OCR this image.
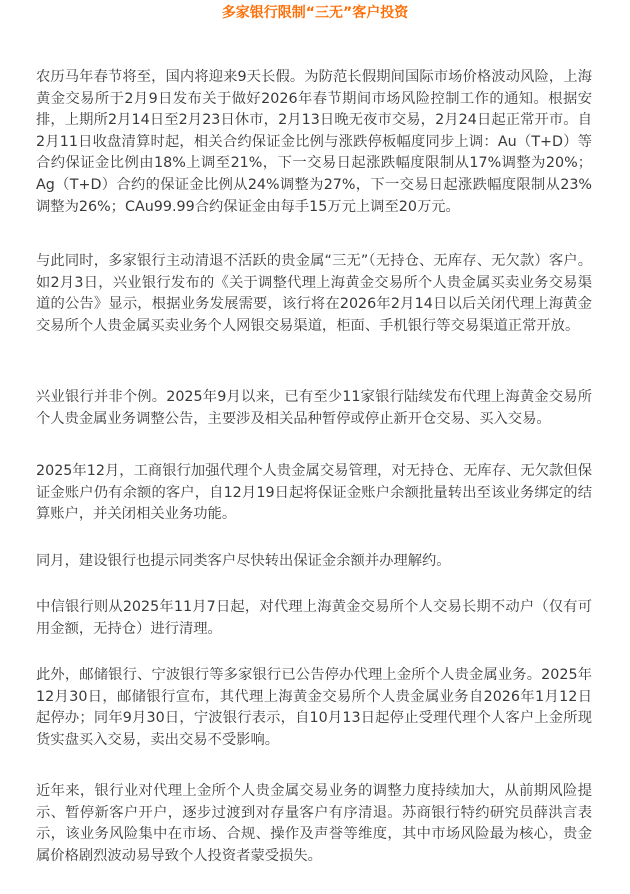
多家银行限制“三无”客户投资

农历马年春节将至，国内将迎来9天长假。为防范长假期间国际市场价格波动风险，上海黄金交易所于2月9日发布关于做好2026年春节期间市场风险控制工作的通知。根据安排，上期所2月14日至2月23日休市，2月13日晚无夜市交易，2月24日起正常开市。自2月11日收盘清算时起，相关合约保证金比例与涨跌停板幅度同步上调：Au（T+D）等合约保证金比例由18%上调至21%，下一交易日起涨跌幅度限制从17%调整为20%；Ag（T+D）合约的保证金比例从24%调整为27%，下一交易日起涨跌幅度限制从23%调整为26%；CAu99.99合约保证金由每手15万元上调至20万元。

与此同时，多家银行主动清退不活跃的贵金属“三无”（无持仓、无库存、无欠款）客户。如2月3日，兴业银行发布的《关于调整代理上海黄金交易所个人贵金属买卖业务交易渠道的公告》显示，根据业务发展需要，该行将在2026年2月14日以后关闭代理上海黄金交易所个人贵金属买卖业务个人网银交易渠道，柜面、手机银行等交易渠道正常开放。

兴业银行并非个例。2025年9月以来，已有至少11家银行陆续发布代理上海黄金交易所个人贵金属业务调整公告，主要涉及相关品种暂停或停止新开仓交易、买入交易。

2025年12月，工商银行加强代理个人贵金属交易管理，对无持仓、无库存、无欠款但保证金账户仍有余额的客户，自12月19日起将保证金账户余额批量转出至该业务绑定的结算账户，并关闭相关业务功能。

同月，建设银行也提示同类客户尽快转出保证金余额并办理解约。

中信银行则从2025年11月7日起，对代理上海黄金交易所个人交易长期不动户（仅有可用金额，无持仓）进行清理。

此外，邮储银行、宁波银行等多家银行已公告停办代理上金所个人贵金属业务。2025年12月30日，邮储银行宣布，其代理上海黄金交易所个人贵金属业务自2026年1月12日起停办；同年9月30日，宁波银行表示，自10月13日起停止受理代理个人客户上金所现货实盘买入交易，卖出交易不受影响。

近年来，银行业对代理上金所个人贵金属交易业务的调整力度持续加大，从前期风险提示、暂停新客户开户，逐步过渡到对存量客户有序清退。苏商银行特约研究员薛洪言表示，该业务风险集中在市场、合规、操作及声誉等维度，其中市场风险最为核心，贵金属价格剧烈波动易导致个人投资者蒙受损失。
